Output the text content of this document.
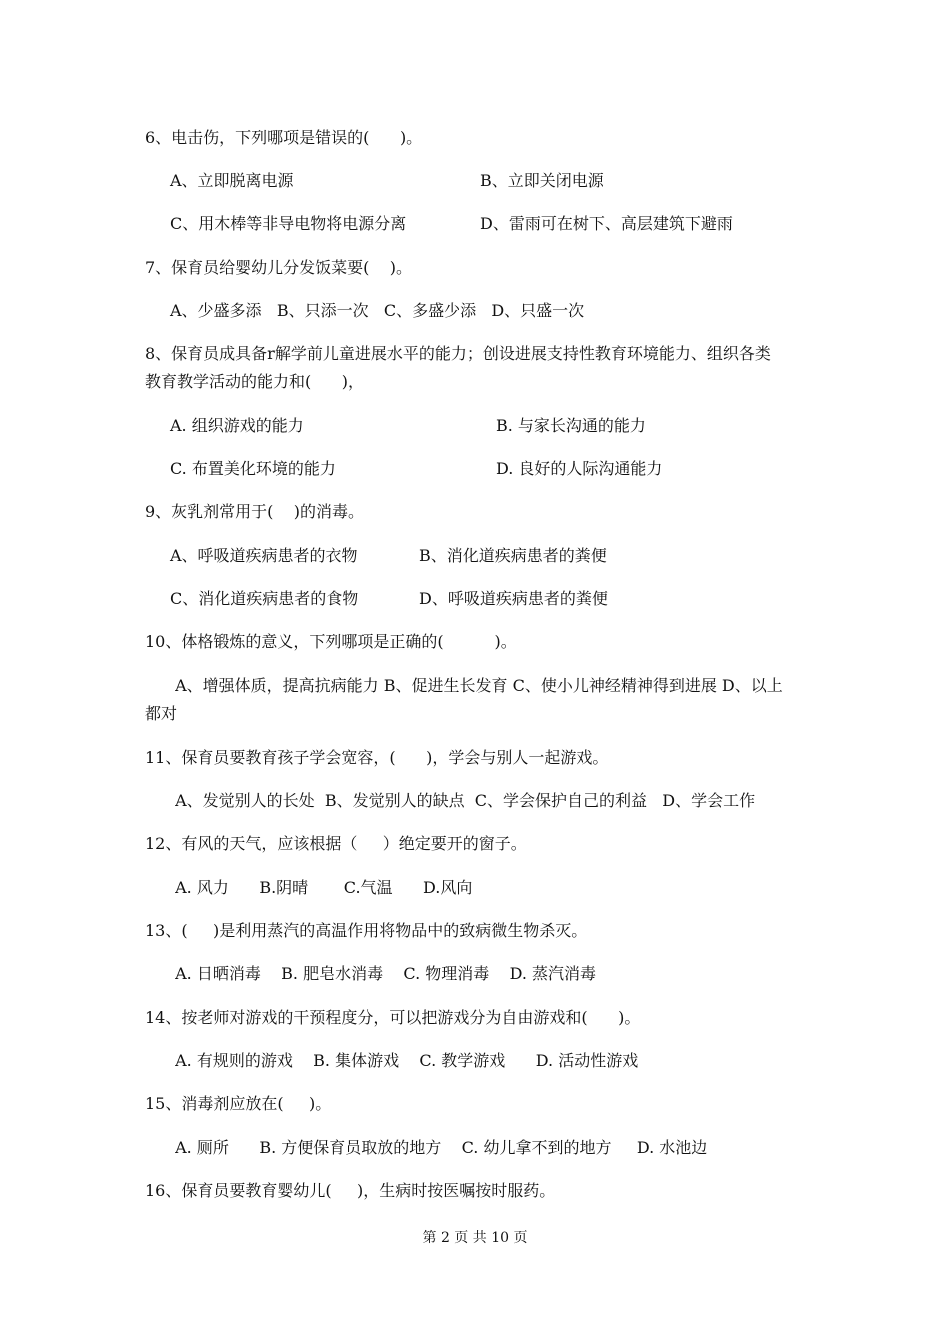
6、电击伤，下列哪项是错误的(      )。
A、立即脱离电源	B、立即关闭电源
C、用木棒等非导电物将电源分离	D、雷雨可在树下、高层建筑下避雨
7、保育员给婴幼儿分发饭菜要(    )。
A、少盛多添   B、只添一次   C、多盛少添   D、只盛一次
8、保育员成具备r解学前儿童进展水平的能力；创设进展支持性教育环境能力、组织各类
教育教学活动的能力和(      )，
A. 组织游戏的能力	B. 与家长沟通的能力
C. 布置美化环境的能力	D. 良好的人际沟通能力
9、灰乳剂常用于(    )的消毒。
A、呼吸道疾病患者的衣物	B、消化道疾病患者的粪便
C、消化道疾病患者的食物	D、呼吸道疾病患者的粪便
10、体格锻炼的意义，下列哪项是正确的(          )。
A、增强体质，提高抗病能力 B、促进生长发育 C、使小儿神经精神得到进展 D、以上
都对
11、保育员要教育孩子学会宽容，(      )，学会与别人一起游戏。
A、发觉别人的长处  B、发觉别人的缺点  C、学会保护自己的利益   D、学会工作
12、有风的天气，应该根据（     ）绝定要开的窗子。
A. 风力      B.阴晴       C.气温      D.风向
13、(     )是利用蒸汽的高温作用将物品中的致病微生物杀灭。
A. 日晒消毒    B. 肥皂水消毒    C. 物理消毒    D. 蒸汽消毒
14、按老师对游戏的干预程度分，可以把游戏分为自由游戏和(      )。
A. 有规则的游戏    B. 集体游戏    C. 教学游戏      D. 活动性游戏
15、消毒剂应放在(     )。
A. 厕所      B. 方便保育员取放的地方    C. 幼儿拿不到的地方     D. 水池边
16、保育员要教育婴幼儿(     )，生病时按医嘱按时服药。
第 2 页 共 10 页
